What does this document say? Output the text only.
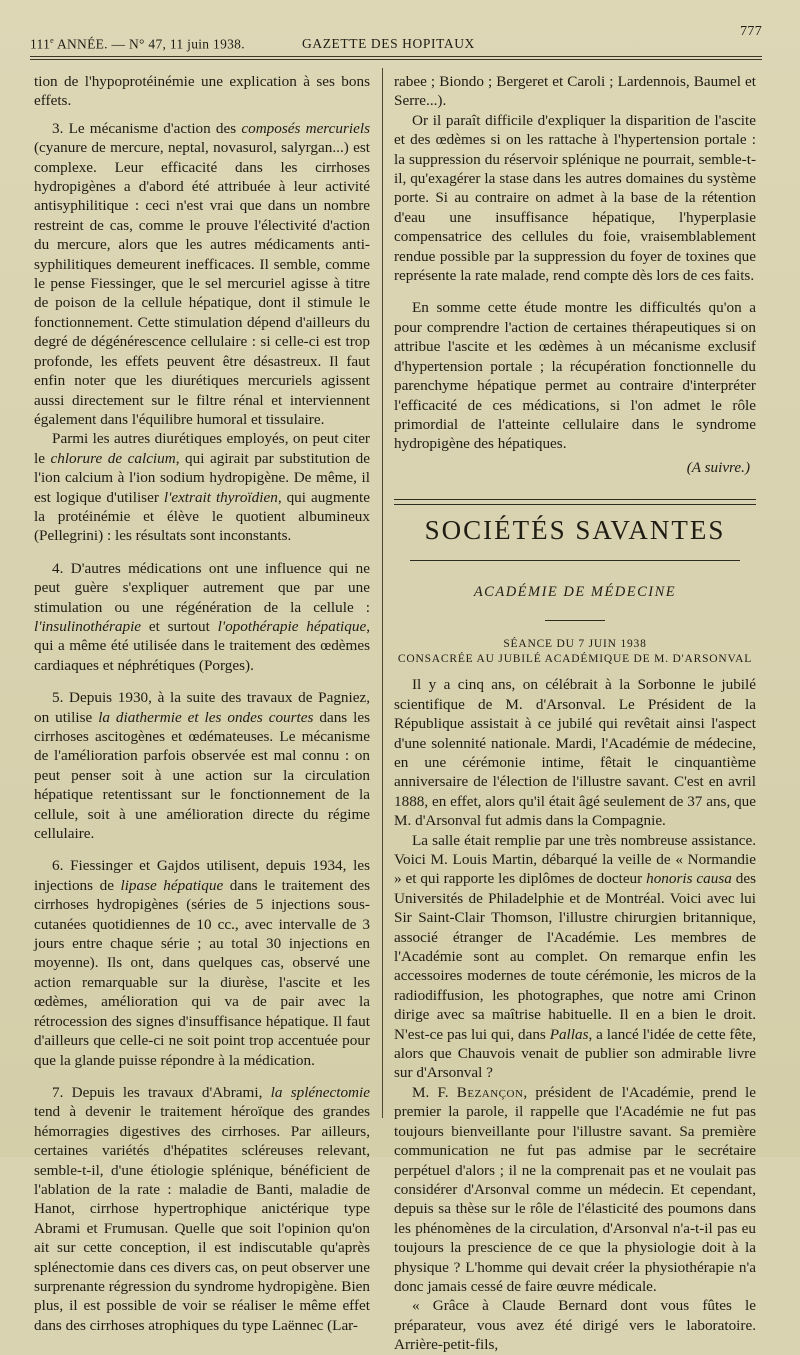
111e ANNÉE. — N° 47, 11 juin 1938.	GAZETTE DES HOPITAUX
777

tion de l'hypoprotéinémie une explication à ses bons effets.

3. Le mécanisme d'action des composés mercuriels (cyanure de mercure, neptal, novasurol, salyrgan...) est complexe. Leur efficacité dans les cirrhoses hydropigènes a d'abord été attribuée à leur activité antisyphilitique : ceci n'est vrai que dans un nombre restreint de cas, comme le prouve l'électivité d'action du mercure, alors que les autres médicaments anti-syphilitiques demeurent inefficaces. Il semble, comme le pense Fiessinger, que le sel mercuriel agisse à titre de poison de la cellule hépatique, dont il stimule le fonctionnement. Cette stimulation dépend d'ailleurs du degré de dégénérescence cellulaire : si celle-ci est trop profonde, les effets peuvent être désastreux. Il faut enfin noter que les diurétiques mercuriels agissent aussi directement sur le filtre rénal et interviennent également dans l'équilibre humoral et tissulaire.

Parmi les autres diurétiques employés, on peut citer le chlorure de calcium, qui agirait par substitution de l'ion calcium à l'ion sodium hydropigène. De même, il est logique d'utiliser l'extrait thyroïdien, qui augmente la protéinémie et élève le quotient albumineux (Pellegrini) : les résultats sont inconstants.

4. D'autres médications ont une influence qui ne peut guère s'expliquer autrement que par une stimulation ou une régénération de la cellule : l'insulinothérapie et surtout l'opothérapie hépatique, qui a même été utilisée dans le traitement des œdèmes cardiaques et néphrétiques (Porges).

5. Depuis 1930, à la suite des travaux de Pagniez, on utilise la diathermie et les ondes courtes dans les cirrhoses ascitogènes et œdémateuses. Le mécanisme de l'amélioration parfois observée est mal connu : on peut penser soit à une action sur la circulation hépatique retentissant sur le fonctionnement de la cellule, soit à une amélioration directe du régime cellulaire.

6. Fiessinger et Gajdos utilisent, depuis 1934, les injections de lipase hépatique dans le traitement des cirrhoses hydropigènes (séries de 5 injections sous-cutanées quotidiennes de 10 cc., avec intervalle de 3 jours entre chaque série ; au total 30 injections en moyenne). Ils ont, dans quelques cas, observé une action remarquable sur la diurèse, l'ascite et les œdèmes, amélioration qui va de pair avec la rétrocession des signes d'insuffisance hépatique. Il faut d'ailleurs que celle-ci ne soit point trop accentuée pour que la glande puisse répondre à la médication.

7. Depuis les travaux d'Abrami, la splénectomie tend à devenir le traitement héroïque des grandes hémorragies digestives des cirrhoses. Par ailleurs, certaines variétés d'hépatites scléreuses relevant, semble-t-il, d'une étiologie splénique, bénéficient de l'ablation de la rate : maladie de Banti, maladie de Hanot, cirrhose hypertrophique anictérique type Abrami et Frumusan. Quelle que soit l'opinion qu'on ait sur cette conception, il est indiscutable qu'après splénectomie dans ces divers cas, on peut observer une surprenante régression du syndrome hydropigène. Bien plus, il est possible de voir se réaliser le même effet dans des cirrhoses atrophiques du type Laënnec (Lar-

rabee ; Biondo ; Bergeret et Caroli ; Lardennois, Baumel et Serre...).

Or il paraît difficile d'expliquer la disparition de l'ascite et des œdèmes si on les rattache à l'hypertension portale : la suppression du réservoir splénique ne pourrait, semble-t-il, qu'exagérer la stase dans les autres domaines du système porte. Si au contraire on admet à la base de la rétention d'eau une insuffisance hépatique, l'hyperplasie compensatrice des cellules du foie, vraisemblablement rendue possible par la suppression du foyer de toxines que représente la rate malade, rend compte dès lors de ces faits.

En somme cette étude montre les difficultés qu'on a pour comprendre l'action de certaines thérapeutiques si on attribue l'ascite et les œdèmes à un mécanisme exclusif d'hypertension portale ; la récupération fonctionnelle du parenchyme hépatique permet au contraire d'interpréter l'efficacité de ces médications, si l'on admet le rôle primordial de l'atteinte cellulaire dans le syndrome hydropigène des hépatiques.

(A suivre.)
SOCIÉTÉS SAVANTES
ACADÉMIE DE MÉDECINE
SÉANCE DU 7 JUIN 1938
CONSACRÉE AU JUBILÉ ACADÉMIQUE DE M. D'ARSONVAL

Il y a cinq ans, on célébrait à la Sorbonne le jubilé scientifique de M. d'Arsonval. Le Président de la République assistait à ce jubilé qui revêtait ainsi l'aspect d'une solennité nationale. Mardi, l'Académie de médecine, en une cérémonie intime, fêtait le cinquantième anniversaire de l'élection de l'illustre savant. C'est en avril 1888, en effet, alors qu'il était âgé seulement de 37 ans, que M. d'Arsonval fut admis dans la Compagnie.

La salle était remplie par une très nombreuse assistance. Voici M. Louis Martin, débarqué la veille de « Normandie » et qui rapporte les diplômes de docteur honoris causa des Universités de Philadelphie et de Montréal. Voici avec lui Sir Saint-Clair Thomson, l'illustre chirurgien britannique, associé étranger de l'Académie. Les membres de l'Académie sont au complet. On remarque enfin les accessoires modernes de toute cérémonie, les micros de la radiodiffusion, les photographes, que notre ami Crinon dirige avec sa maîtrise habituelle. Il en a bien le droit. N'est-ce pas lui qui, dans Pallas, a lancé l'idée de cette fête, alors que Chauvois venait de publier son admirable livre sur d'Arsonval ?

M. F. Bezançon, président de l'Académie, prend le premier la parole, il rappelle que l'Académie ne fut pas toujours bienveillante pour l'illustre savant. Sa première communication ne fut pas admise par le secrétaire perpétuel d'alors ; il ne la comprenait pas et ne voulait pas considérer d'Arsonval comme un médecin. Et cependant, depuis sa thèse sur le rôle de l'élasticité des poumons dans les phénomènes de la circulation, d'Arsonval n'a-t-il pas eu toujours la prescience de ce que la physiologie doit à la physique ? L'homme qui devait créer la physiothérapie n'a donc jamais cessé de faire œuvre médicale.

« Grâce à Claude Bernard dont vous fûtes le préparateur, vous avez été dirigé vers le laboratoire. Arrière-petit-fils,
